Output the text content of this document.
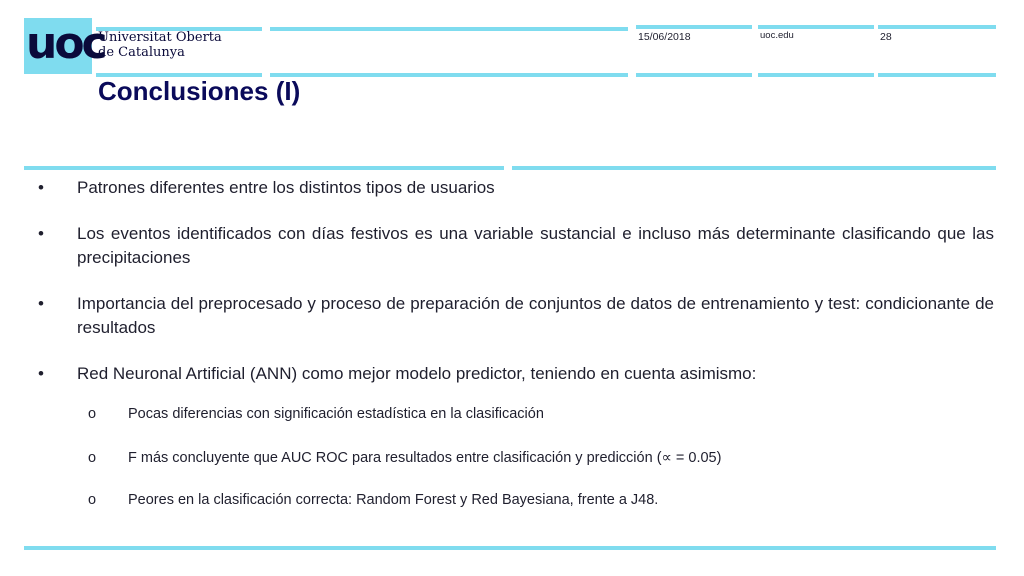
uoc
Universitat Oberta
de Catalunya
15/06/2018	uoc.edu	28
Conclusiones (I)
• Patrones diferentes entre los distintos tipos de usuarios
• Los eventos identificados con días festivos es una variable sustancial e incluso más determinante clasificando que las precipitaciones
• Importancia del preprocesado y proceso de preparación de conjuntos de datos de entrenamiento y test: condicionante de resultados
• Red Neuronal Artificial (ANN) como mejor modelo predictor, teniendo en cuenta asimismo:
o Pocas diferencias con significación estadística en la clasificación
o F más concluyente que AUC ROC para resultados entre clasificación y predicción (∝ = 0.05)
o Peores en la clasificación correcta: Random Forest y Red Bayesiana, frente a J48.
